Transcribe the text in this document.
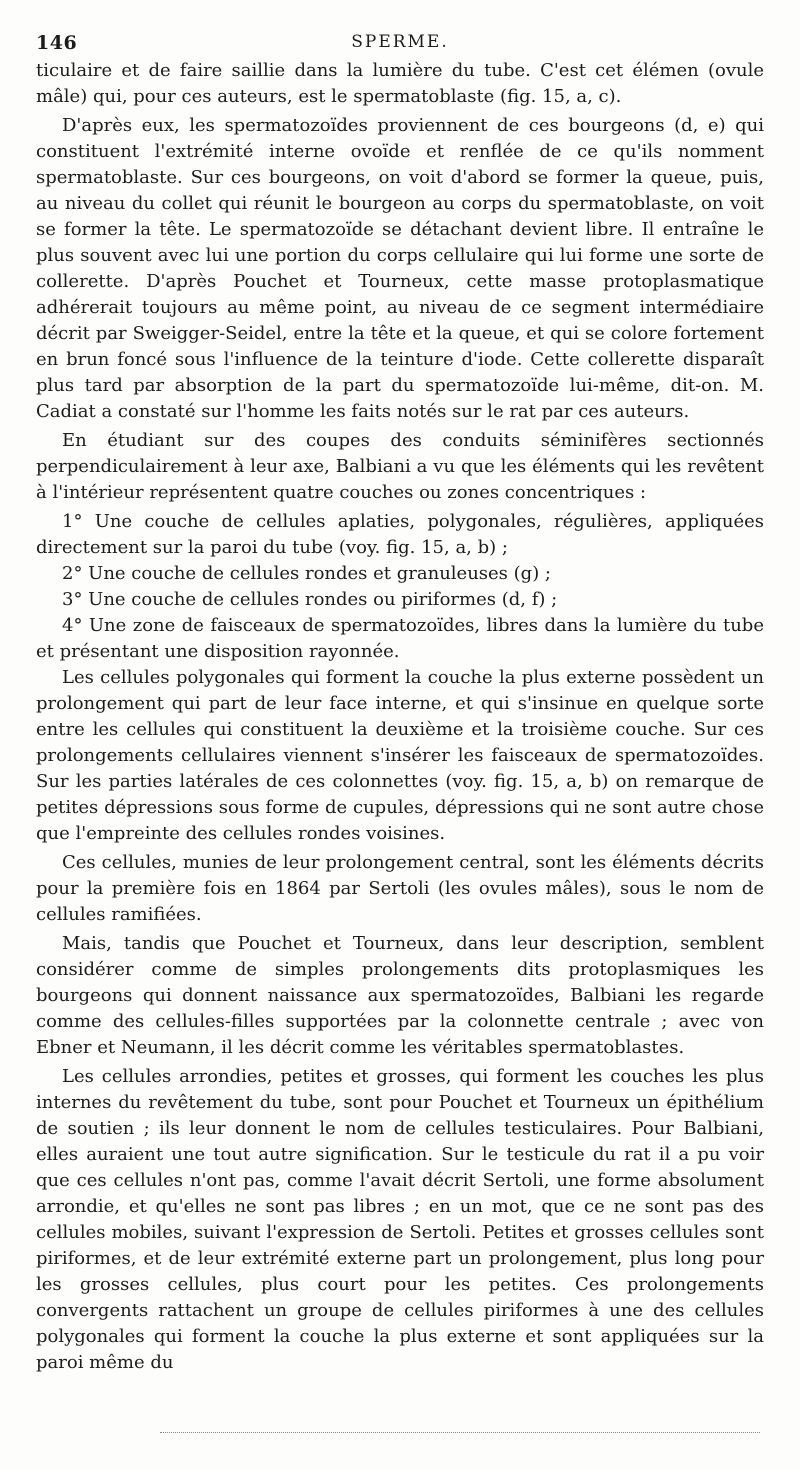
146	SPERME.

ticulaire et de faire saillie dans la lumière du tube. C'est cet élémen (ovule mâle) qui, pour ces auteurs, est le spermatoblaste (fig. 15, a, c).

D'après eux, les spermatozoïdes proviennent de ces bourgeons (d, e) qui constituent l'extrémité interne ovoïde et renflée de ce qu'ils nomment spermatoblaste. Sur ces bourgeons, on voit d'abord se former la queue, puis, au niveau du collet qui réunit le bourgeon au corps du spermatoblaste, on voit se former la tête. Le spermatozoïde se détachant devient libre. Il entraîne le plus souvent avec lui une portion du corps cellulaire qui lui forme une sorte de collerette. D'après Pouchet et Tourneux, cette masse protoplasmatique adhérerait toujours au même point, au niveau de ce segment intermédiaire décrit par Sweigger-Seidel, entre la tête et la queue, et qui se colore fortement en brun foncé sous l'influence de la teinture d'iode. Cette collerette disparaît plus tard par absorption de la part du spermatozoïde lui-même, dit-on. M. Cadiat a constaté sur l'homme les faits notés sur le rat par ces auteurs.

En étudiant sur des coupes des conduits séminifères sectionnés perpendiculairement à leur axe, Balbiani a vu que les éléments qui les revêtent à l'intérieur représentent quatre couches ou zones concentriques :

1° Une couche de cellules aplaties, polygonales, régulières, appliquées directement sur la paroi du tube (voy. fig. 15, a, b) ;

2° Une couche de cellules rondes et granuleuses (g) ;

3° Une couche de cellules rondes ou piriformes (d, f) ;

4° Une zone de faisceaux de spermatozoïdes, libres dans la lumière du tube et présentant une disposition rayonnée.

Les cellules polygonales qui forment la couche la plus externe possèdent un prolongement qui part de leur face interne, et qui s'insinue en quelque sorte entre les cellules qui constituent la deuxième et la troisième couche. Sur ces prolongements cellulaires viennent s'insérer les faisceaux de spermatozoïdes. Sur les parties latérales de ces colonnettes (voy. fig. 15, a, b) on remarque de petites dépressions sous forme de cupules, dépressions qui ne sont autre chose que l'empreinte des cellules rondes voisines.

Ces cellules, munies de leur prolongement central, sont les éléments décrits pour la première fois en 1864 par Sertoli (les ovules mâles), sous le nom de cellules ramifiées.

Mais, tandis que Pouchet et Tourneux, dans leur description, semblent considérer comme de simples prolongements dits protoplasmiques les bourgeons qui donnent naissance aux spermatozoïdes, Balbiani les regarde comme des cellules-filles supportées par la colonnette centrale ; avec von Ebner et Neumann, il les décrit comme les véritables spermatoblastes.

Les cellules arrondies, petites et grosses, qui forment les couches les plus internes du revêtement du tube, sont pour Pouchet et Tourneux un épithélium de soutien ; ils leur donnent le nom de cellules testiculaires. Pour Balbiani, elles auraient une tout autre signification. Sur le testicule du rat il a pu voir que ces cellules n'ont pas, comme l'avait décrit Sertoli, une forme absolument arrondie, et qu'elles ne sont pas libres ; en un mot, que ce ne sont pas des cellules mobiles, suivant l'expression de Sertoli. Petites et grosses cellules sont piriformes, et de leur extrémité externe part un prolongement, plus long pour les grosses cellules, plus court pour les petites. Ces prolongements convergents rattachent un groupe de cellules piriformes à une des cellules polygonales qui forment la couche la plus externe et sont appliquées sur la paroi même du
